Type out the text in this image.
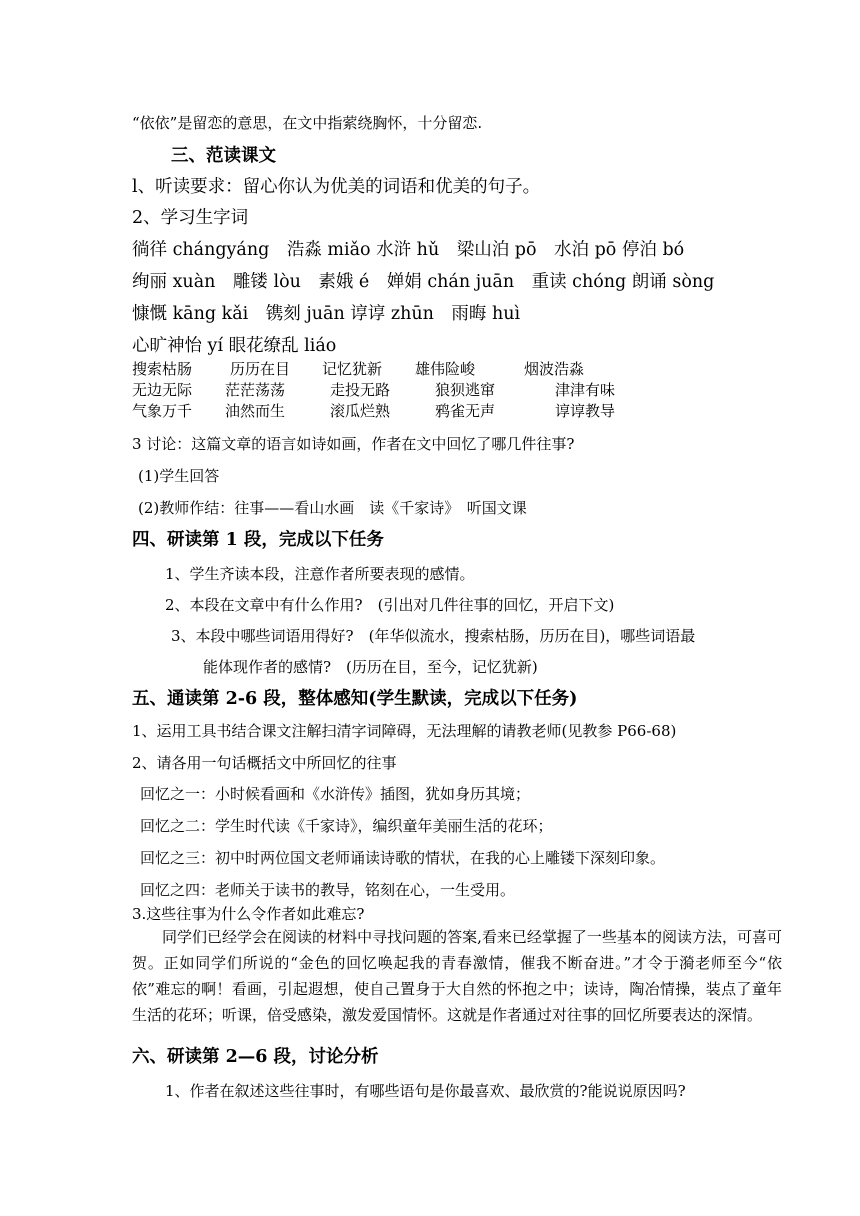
“依依”是留恋的意思，在文中指萦绕胸怀，十分留恋.
三、范读课文
l、听读要求：留心你认为优美的词语和优美的句子。
2、学习生字词
徜徉 chángyáng　浩淼 miǎo 水浒 hǔ　梁山泊 pō　水泊 pō 停泊 bó
绚丽 xuàn　雕镂 lòu　素娥 é　婵娟 chán juān　重读 chóng 朗诵 sòng
慷慨 kāng kǎi　镌刻 juān 谆谆 zhūn　雨晦 huì
心旷神怡 yí 眼花缭乱 liáo
搜索枯肠	历历在目 记忆犹新 雄伟险峻	烟波浩淼
无边无际 茫茫荡荡	走投无路	狼狈逃窜	津津有味
气象万千 油然而生	滚瓜烂熟	鸦雀无声	谆谆教导
3 讨论：这篇文章的语言如诗如画，作者在文中回忆了哪几件往事?
(1)学生回答
(2)教师作结：往事——看山水画　读《千家诗》　听国文课
四、研读第 1 段，完成以下任务
1、学生齐读本段，注意作者所要表现的感情。
2、本段在文章中有什么作用?　(引出对几件往事的回忆，开启下文)
3、本段中哪些词语用得好?　(年华似流水，搜索枯肠，历历在目)，哪些词语最
能体现作者的感情?　(历历在目，至今，记忆犹新)
五、通读第 2-6 段，整体感知(学生默读，完成以下任务)
1、运用工具书结合课文注解扫清字词障碍，无法理解的请教老师(见教参 P66-68)
2、请各用一句话概括文中所回忆的往事
回忆之一：小时候看画和《水浒传》插图，犹如身历其境；
回忆之二：学生时代读《千家诗》，编织童年美丽生活的花环；
回忆之三：初中时两位国文老师诵读诗歌的情状，在我的心上雕镂下深刻印象。
回忆之四：老师关于读书的教导，铭刻在心，一生受用。
3.这些往事为什么令作者如此难忘?
同学们已经学会在阅读的材料中寻找问题的答案,看来已经掌握了一些基本的阅读方法，可喜可贺。正如同学们所说的“金色的回忆唤起我的青春激情，催我不断奋进。”才令于漪老师至今“依依”难忘的啊！看画，引起遐想，使自己置身于大自然的怀抱之中；读诗，陶冶情操，装点了童年生活的花环；听课，倍受感染，激发爱国情怀。这就是作者通过对往事的回忆所要表达的深情。
六、研读第 2—6 段，讨论分析
1、作者在叙述这些往事时，有哪些语句是你最喜欢、最欣赏的?能说说原因吗?
